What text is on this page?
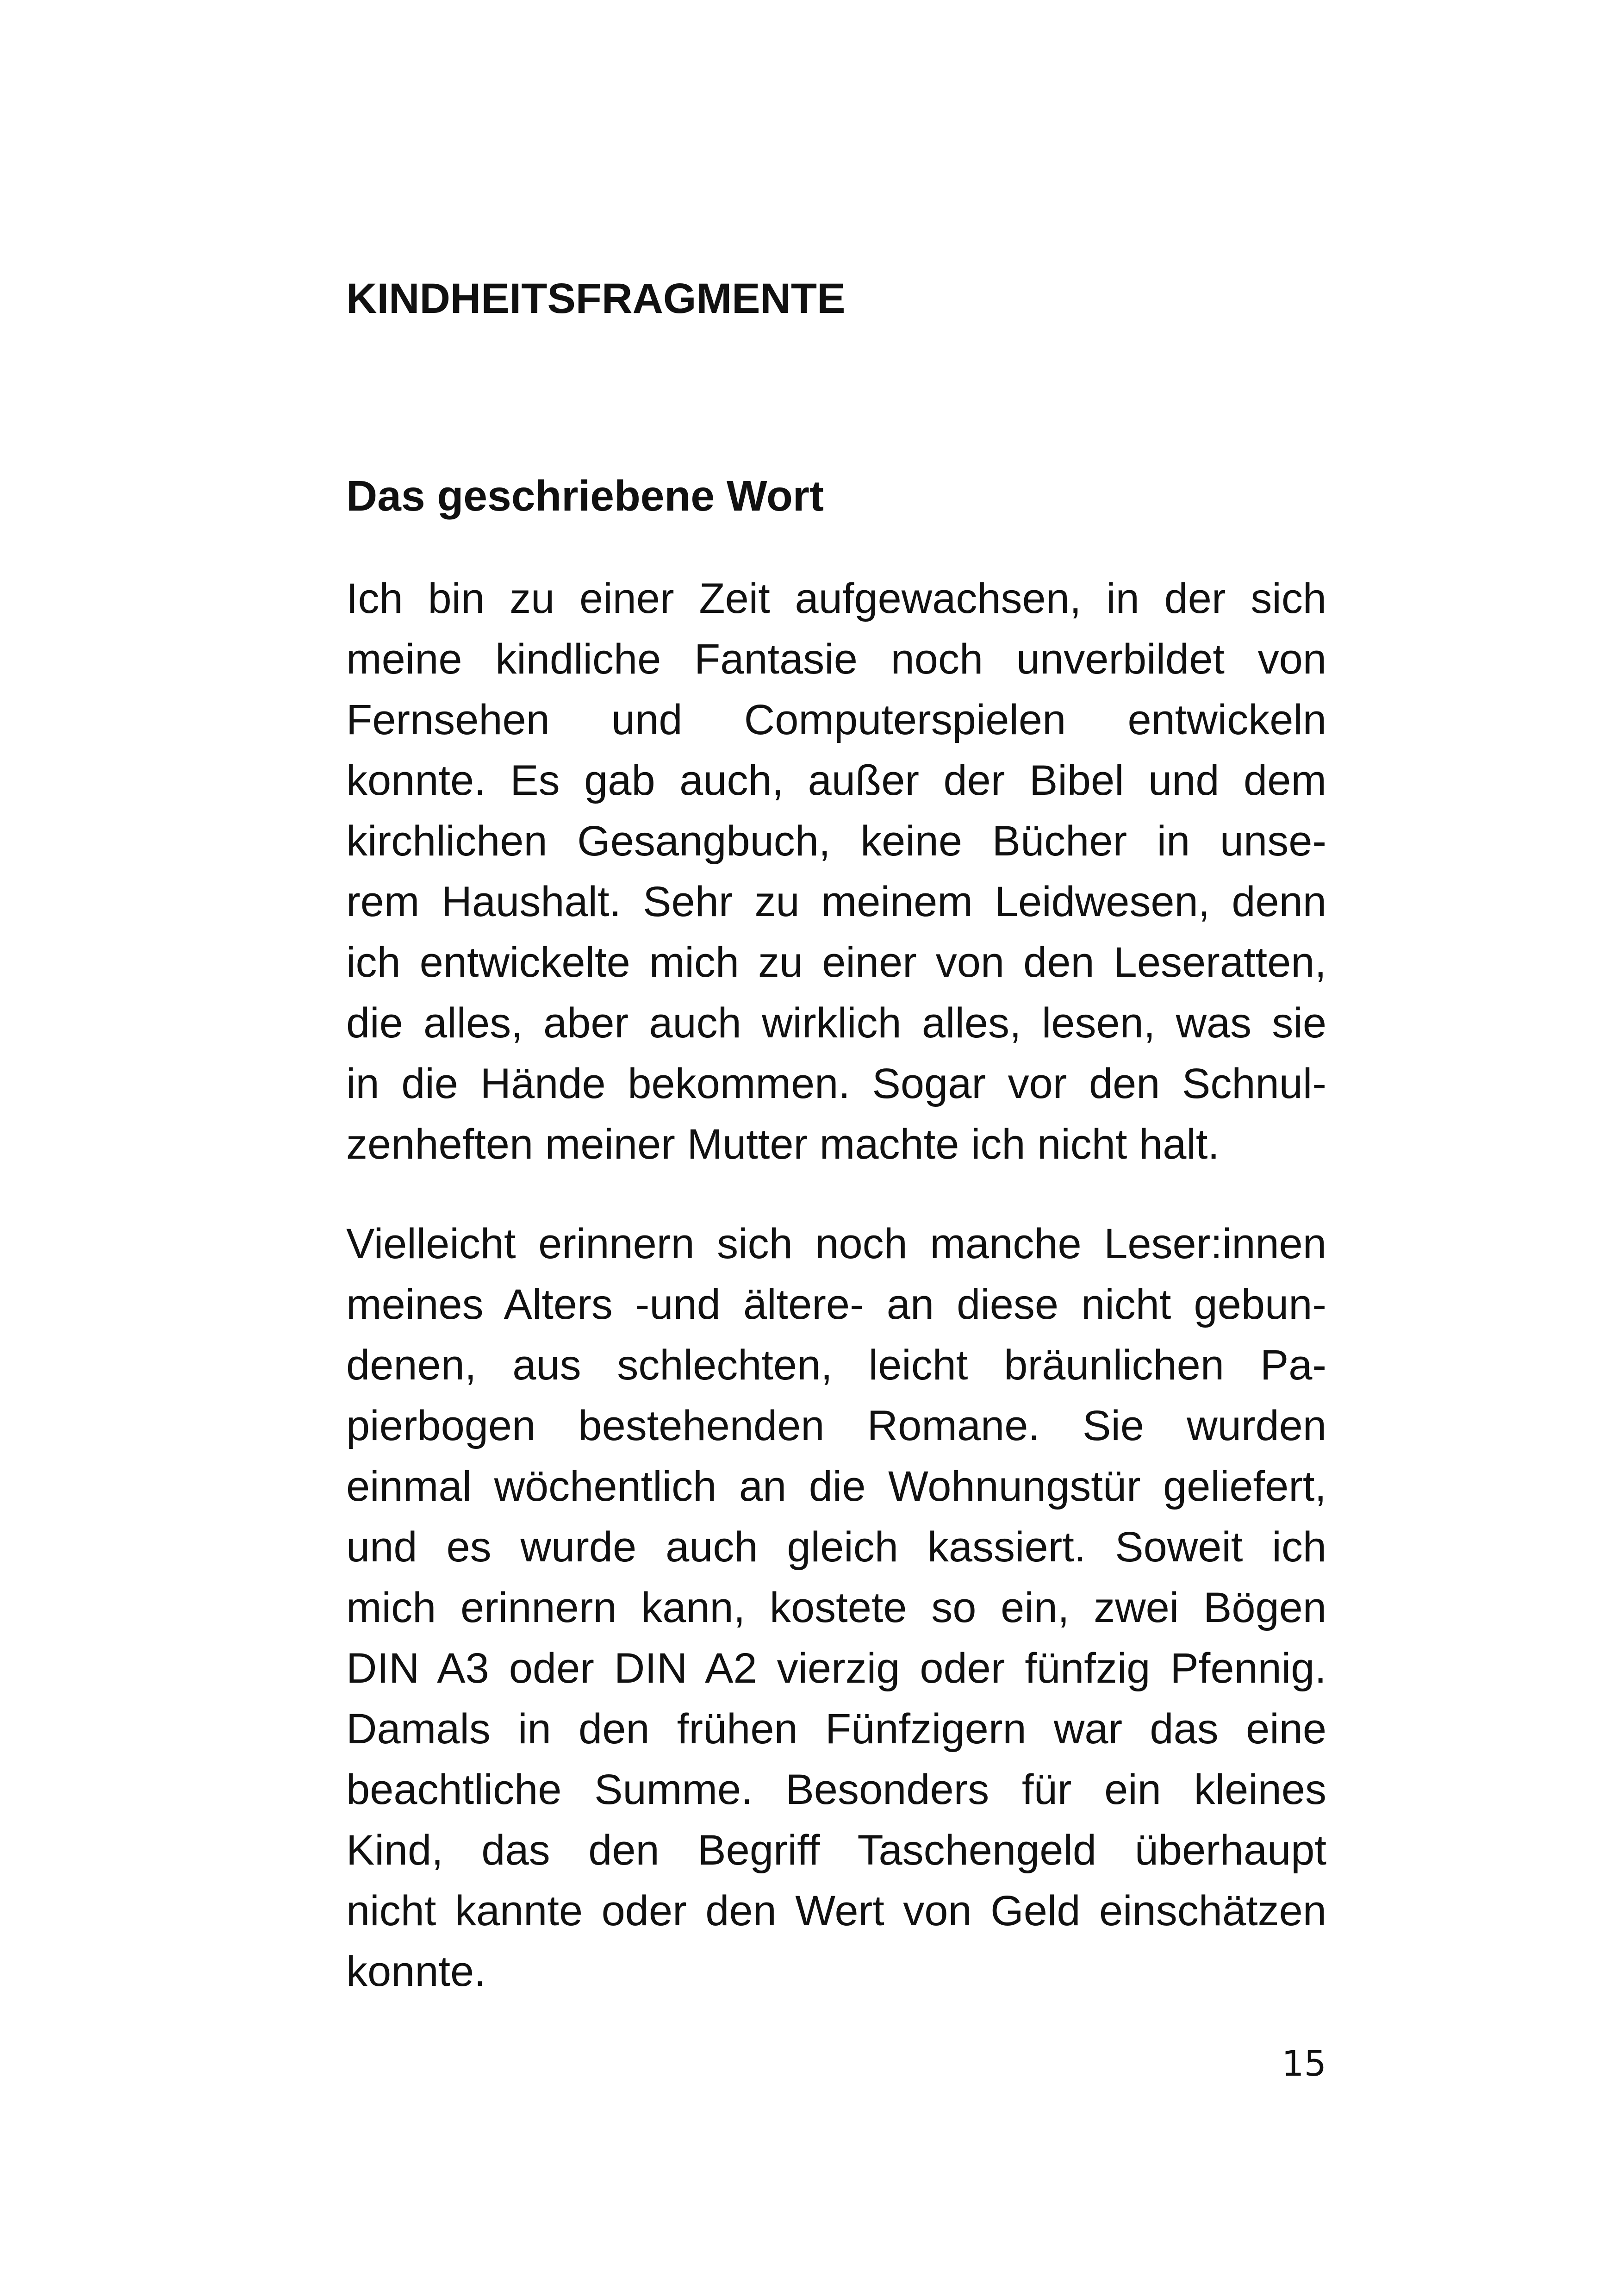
KINDHEITSFRAGMENTE
Das geschriebene Wort
Ich bin zu einer Zeit aufgewachsen, in der sich
meine kindliche Fantasie noch unverbildet von
Fernsehen und Computerspielen entwickeln
konnte. Es gab auch, außer der Bibel und dem
kirchlichen Gesangbuch, keine Bücher in unse-
rem Haushalt. Sehr zu meinem Leidwesen, denn
ich entwickelte mich zu einer von den Leseratten,
die alles, aber auch wirklich alles, lesen, was sie
in die Hände bekommen. Sogar vor den Schnul-
zenheften meiner Mutter machte ich nicht halt.
Vielleicht erinnern sich noch manche Leser:innen
meines Alters -und ältere- an diese nicht gebun-
denen, aus schlechten, leicht bräunlichen Pa-
pierbogen bestehenden Romane. Sie wurden
einmal wöchentlich an die Wohnungstür geliefert,
und es wurde auch gleich kassiert. Soweit ich
mich erinnern kann, kostete so ein, zwei Bögen
DIN A3 oder DIN A2 vierzig oder fünfzig Pfennig.
Damals in den frühen Fünfzigern war das eine
beachtliche Summe. Besonders für ein kleines
Kind, das den Begriff Taschengeld überhaupt
nicht kannte oder den Wert von Geld einschätzen
konnte.

15
